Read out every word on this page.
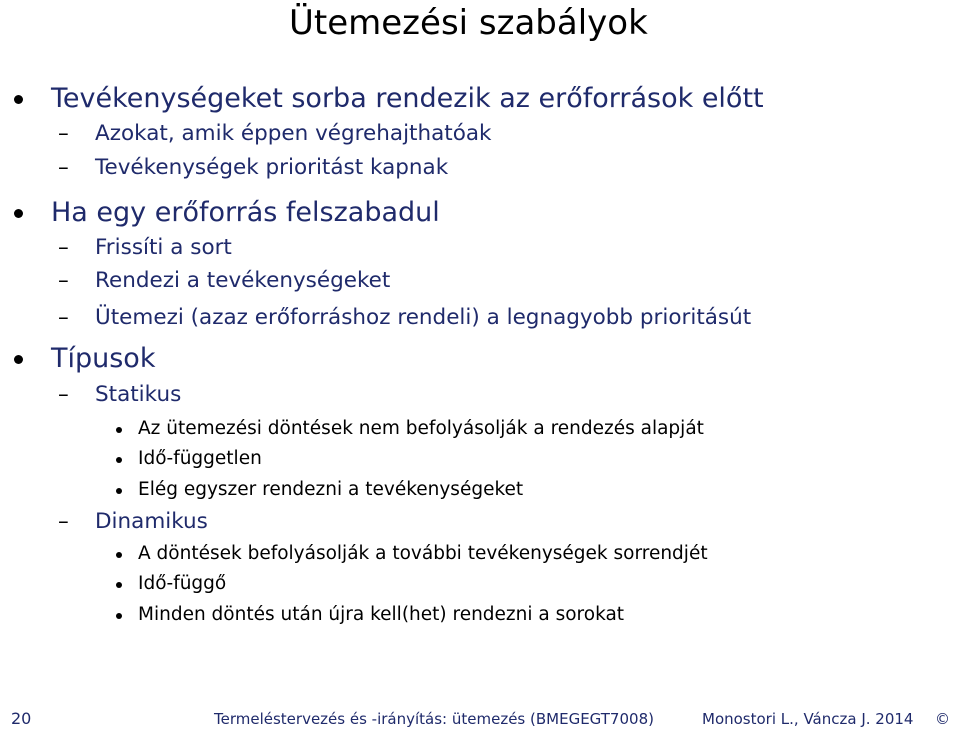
Ütemezési szabályok
Tevékenységeket sorba rendezik az erőforrások előtt
– Azokat, amik éppen végrehajthatóak
– Tevékenységek prioritást kapnak
Ha egy erőforrás felszabadul
– Frissíti a sort
– Rendezi a tevékenységeket
– Ütemezi (azaz erőforráshoz rendeli) a legnagyobb prioritásút
Típusok
– Statikus
Az ütemezési döntések nem befolyásolják a rendezés alapját
Idő-független
Elég egyszer rendezni a tevékenységeket
– Dinamikus
A döntések befolyásolják a további tevékenységek sorrendjét
Idő-függő
Minden döntés után újra kell(het) rendezni a sorokat
20	Termeléstervezés és -irányítás: ütemezés (BMEGEGT7008)	Monostori L., Váncza J. 2014 ©
